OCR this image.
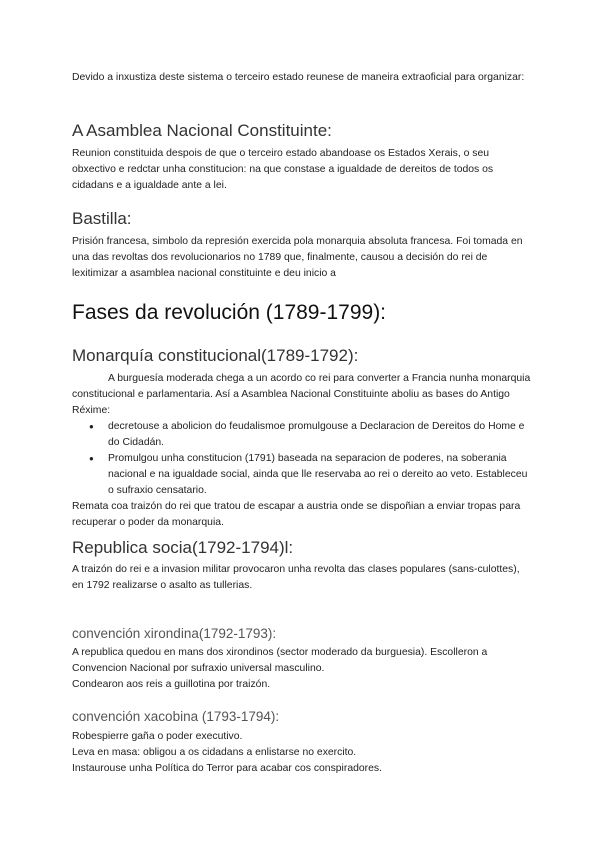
Devido a inxustiza deste sistema o terceiro estado reunese de maneira extraoficial para organizar:

A Asamblea Nacional Constituinte:

Reunion constituida despois de que o terceiro estado abandoase os Estados Xerais, o seu obxectivo e redctar unha constitucion: na que constase a igualdade de dereitos de todos os cidadans e a igualdade ante a lei.

Bastilla:

Prisión francesa, simbolo da represión exercida pola monarquia absoluta francesa. Foi tomada en una das revoltas dos revolucionarios no 1789 que, finalmente, causou a decisión do rei de lexitimizar a asamblea nacional constituinte e deu inicio a

Fases da revolución (1789-1799):
Monarquía constitucional(1789-1792):

A burguesía moderada chega a un acordo co rei para converter a Francia nunha monarquia constitucional e parlamentaria. Así a Asamblea Nacional Constituinte aboliu as bases do Antigo Réxime:

● decretouse a abolicion do feudalismoe promulgouse a Declaracion de Dereitos do Home e do Cidadán.
● Promulgou unha constitucion (1791) baseada na separacion de poderes, na soberania nacional e na igualdade social, ainda que lle reservaba ao rei o dereito ao veto. Estableceu o sufraxio censatario.

Remata coa traizón do rei que tratou de escapar a austria onde se dispoñian a enviar tropas para recuperar o poder da monarquia.

Republica socia(1792-1794)l:

A traizón do rei e a invasion militar provocaron unha revolta das clases populares (sans-culottes), en 1792 realizarse o asalto as tullerias.

convención xirondina(1792-1793):

A republica quedou en mans dos xirondinos (sector moderado da burguesia). Escolleron a Convencion Nacional por sufraxio universal masculino.

Condearon aos reis a guillotina por traizón.

convención xacobina (1793-1794):

Robespierre gaña o poder executivo.

Leva en masa: obligou a os cidadans a enlistarse no exercito.

Instaurouse unha Política do Terror para acabar cos conspiradores.
